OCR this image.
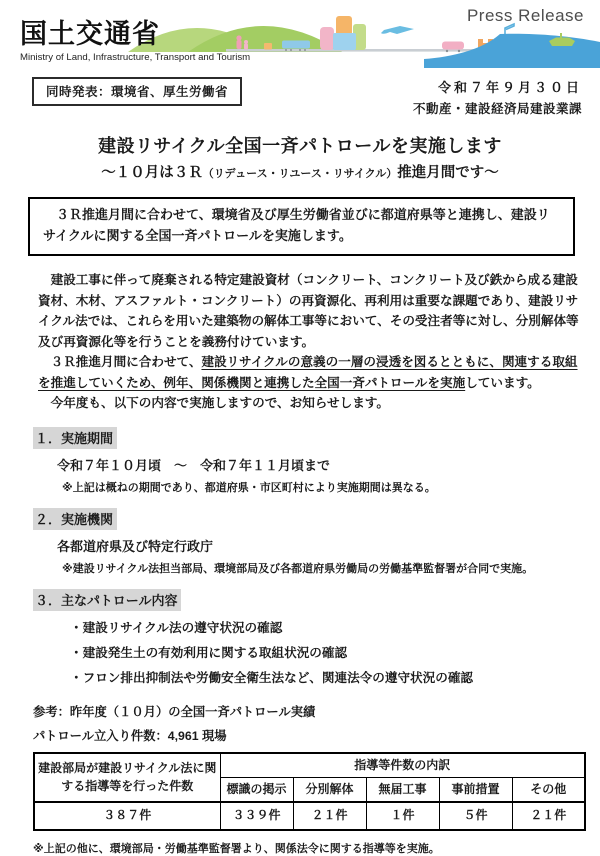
国土交通省
Ministry of Land, Infrastructure, Transport and Tourism
Press Release
同時発表：環境省、厚生労働省	令和７年９月３０日
不動産・建設経済局建設業課
建設リサイクル全国一斉パトロールを実施します
～１０月は３Ｒ（リデュース・リユース・リサイクル）推進月間です～
３Ｒ推進月間に合わせて、環境省及び厚生労働省並びに都道府県等と連携し、建設リサイクルに関する全国一斉パトロールを実施します。

建設工事に伴って廃棄される特定建設資材（コンクリート、コンクリート及び鉄から成る建設資材、木材、アスファルト・コンクリート）の再資源化、再利用は重要な課題であり、建設リサイクル法では、これらを用いた建築物の解体工事等において、その受注者等に対し、分別解体等及び再資源化等を行うことを義務付けています。

３Ｒ推進月間に合わせて、建設リサイクルの意義の一層の浸透を図るとともに、関連する取組を推進していくため、例年、関係機関と連携した全国一斉パトロールを実施しています。

今年度も、以下の内容で実施しますので、お知らせします。

１．実施期間
令和７年１０月頃　～　令和７年１１月頃まで
※上記は概ねの期間であり、都道府県・市区町村により実施期間は異なる。
２．実施機関
各都道府県及び特定行政庁
※建設リサイクル法担当部局、環境部局及び各都道府県労働局の労働基準監督署が合同で実施。
３．主なパトロール内容
・建設リサイクル法の遵守状況の確認
・建設発生土の有効利用に関する取組状況の確認
・フロン排出抑制法や労働安全衛生法など、関連法令の遵守状況の確認
参考：昨年度（１０月）の全国一斉パトロール実績
パトロール立入り件数：4,961 現場
建設部局が建設リサイクル法に関する指導等を行った件数	指導等件数の内訳				
	標識の掲示	分別解体	無届工事	事前措置	その他
３８７件	３３９件	２１件	１件	５件	２１件
※上記の他に、環境部局・労働基準監督署より、関係法令に関する指導等を実施。
